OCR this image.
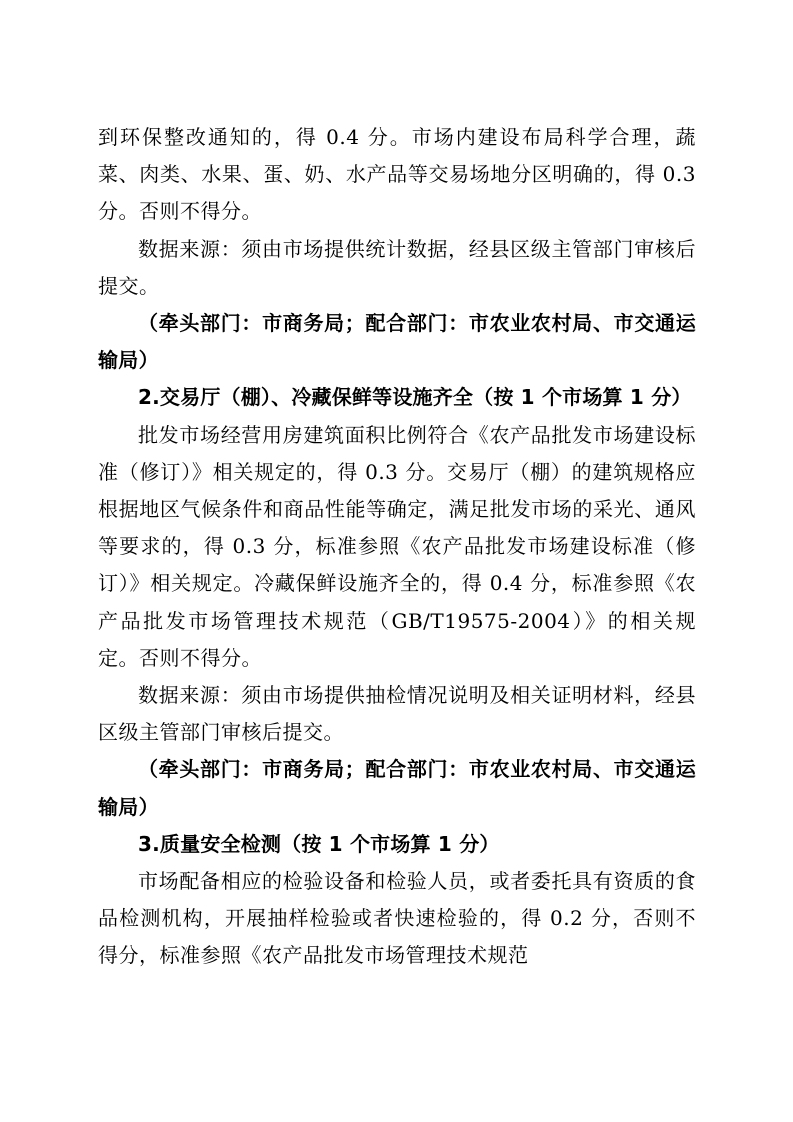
到环保整改通知的，得 0.4 分。市场内建设布局科学合理，蔬菜、肉类、水果、蛋、奶、水产品等交易场地分区明确的，得 0.3 分。否则不得分。

数据来源：须由市场提供统计数据，经县区级主管部门审核后提交。

（牵头部门：市商务局；配合部门：市农业农村局、市交通运输局）

2.交易厅（棚）、冷藏保鲜等设施齐全（按 1 个市场算 1 分）

批发市场经营用房建筑面积比例符合《农产品批发市场建设标准（修订）》相关规定的，得 0.3 分。交易厅（棚）的建筑规格应根据地区气候条件和商品性能等确定，满足批发市场的采光、通风等要求的，得 0.3 分，标准参照《农产品批发市场建设标准（修订）》相关规定。冷藏保鲜设施齐全的，得 0.4 分，标准参照《农产品批发市场管理技术规范（GB/T19575-2004）》的相关规定。否则不得分。

数据来源：须由市场提供抽检情况说明及相关证明材料，经县区级主管部门审核后提交。

（牵头部门：市商务局；配合部门：市农业农村局、市交通运输局）

3.质量安全检测（按 1 个市场算 1 分）

市场配备相应的检验设备和检验人员，或者委托具有资质的食品检测机构，开展抽样检验或者快速检验的，得 0.2 分，否则不得分，标准参照《农产品批发市场管理技术规范
